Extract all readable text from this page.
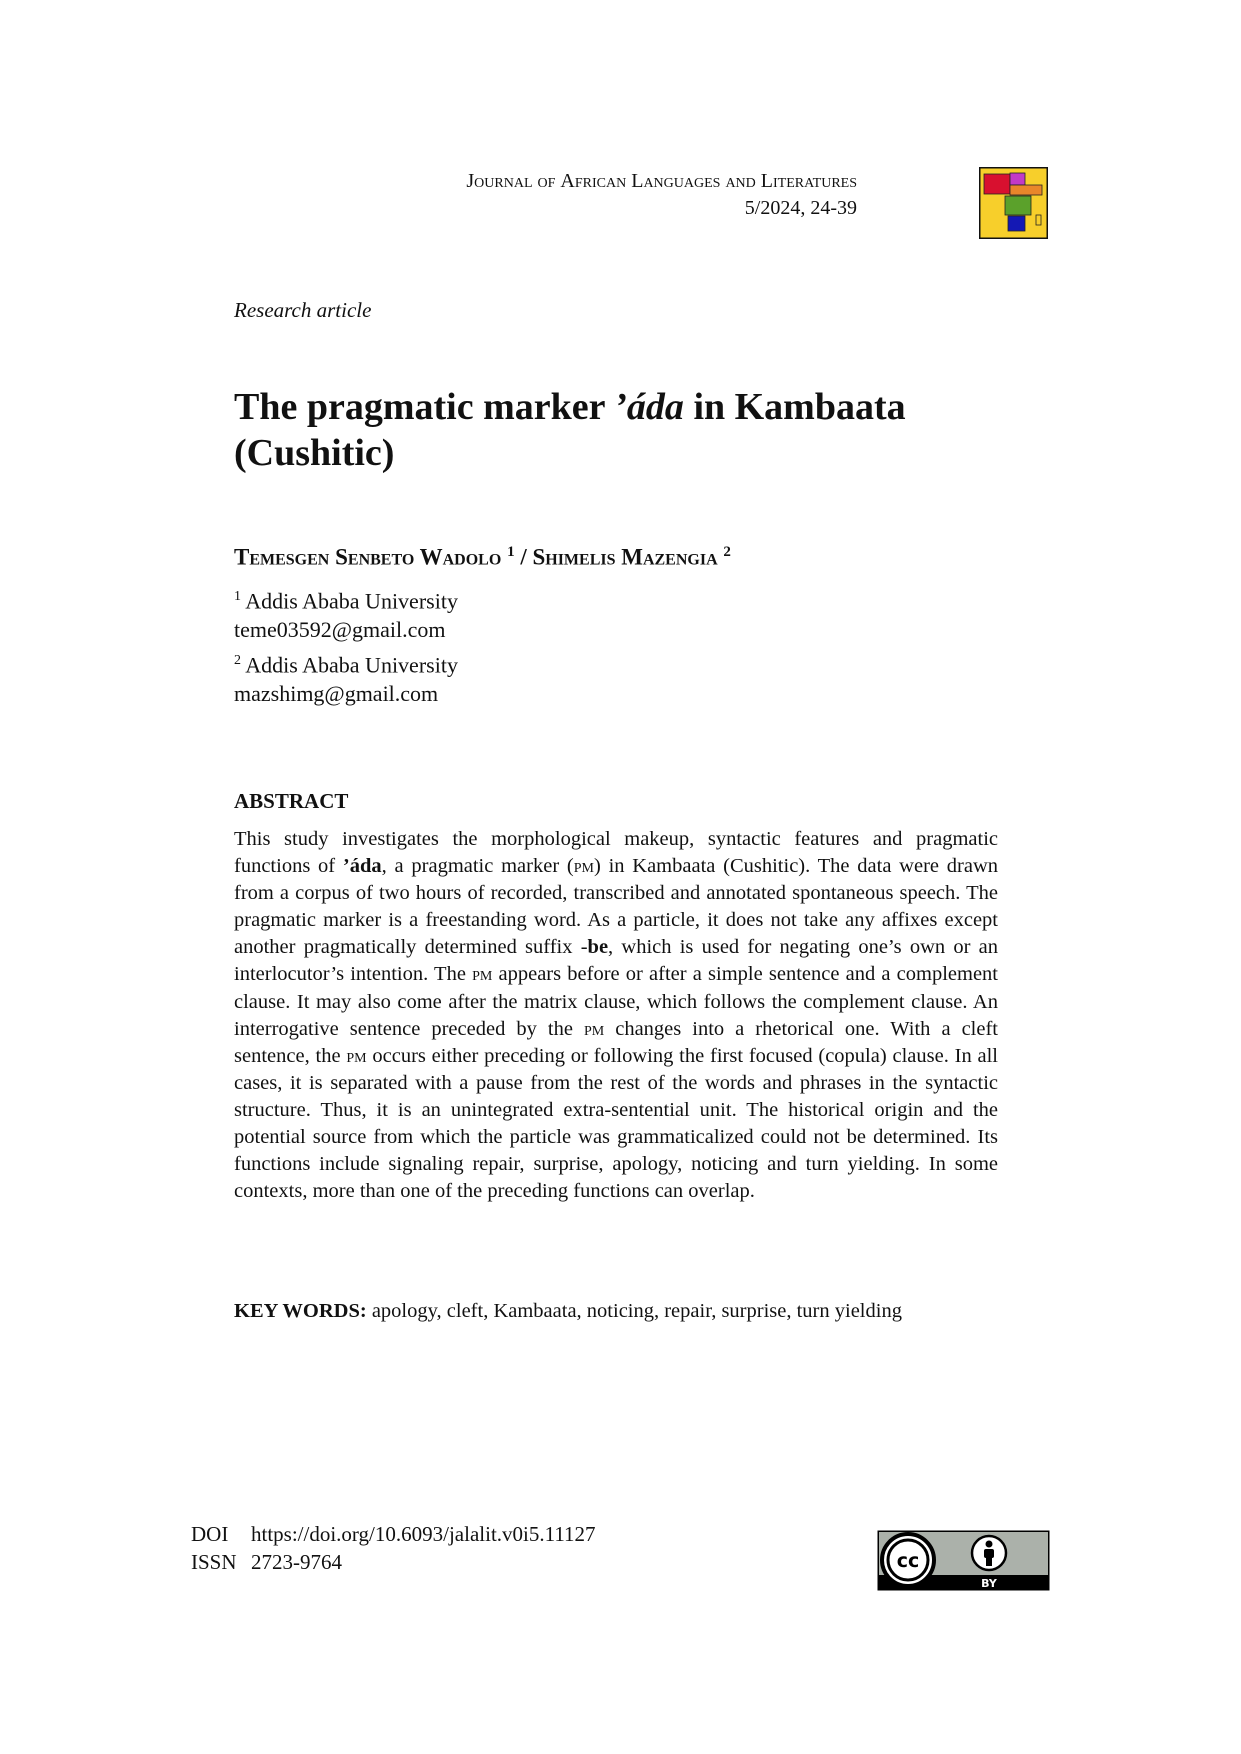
Journal of African Languages and Literatures
5/2024, 24-39
Research article
The pragmatic marker ’áda in Kambaata (Cushitic)
Temesgen Senbeto Wadolo $^1$ / Shimelis Mazengia $^2$
$^1$ Addis Ababa University
teme03592@gmail.com
$^2$ Addis Ababa University
mazshimg@gmail.com
ABSTRACT
This study investigates the morphological makeup, syntactic features and pragmatic functions of ’áda, a pragmatic marker (pm) in Kambaata (Cushitic). The data were drawn from a corpus of two hours of recorded, transcribed and annotated spontaneous speech. The pragmatic marker is a freestanding word. As a particle, it does not take any affixes except another pragmatically determined suffix -be, which is used for negating one’s own or an interlocutor’s intention. The pm appears before or after a simple sentence and a complement clause. It may also come after the matrix clause, which follows the complement clause. An interrogative sentence preceded by the pm changes into a rhetorical one. With a cleft sentence, the pm occurs either preceding or following the first focused (copula) clause. In all cases, it is separated with a pause from the rest of the words and phrases in the syntactic structure. Thus, it is an unintegrated extra-sentential unit. The historical origin and the potential source from which the particle was grammaticalized could not be determined. Its functions include signaling repair, surprise, apology, noticing and turn yielding. In some contexts, more than one of the preceding functions can overlap.
KEY WORDS: apology, cleft, Kambaata, noticing, repair, surprise, turn yielding
DOI https://doi.org/10.6093/jalalit.v0i5.11127
ISSN 2723-9764	cc
BY
